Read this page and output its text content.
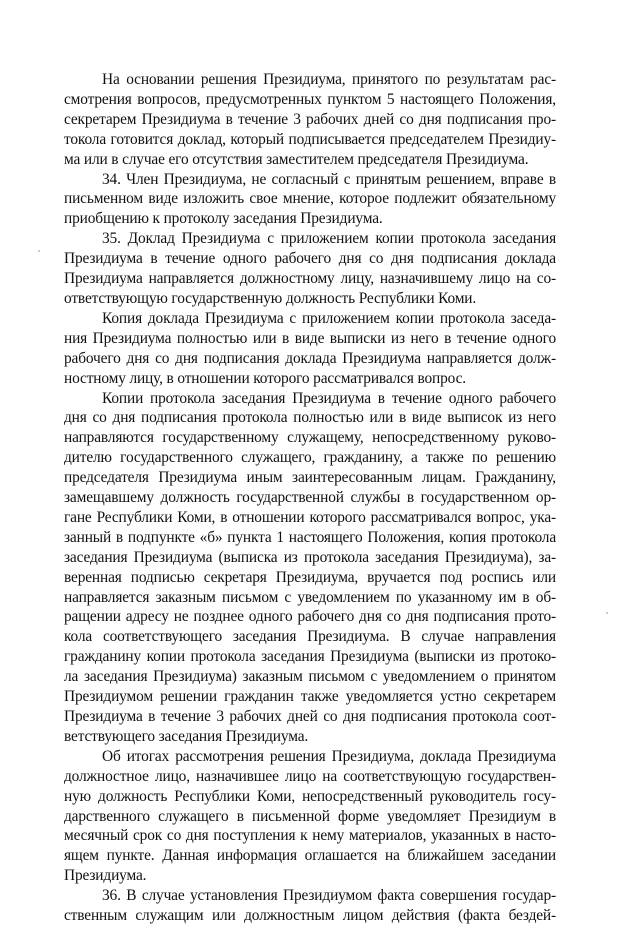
На основании решения Президиума, принятого по результатам рас-
смотрения вопросов, предусмотренных пунктом 5 настоящего Положения,
секретарем Президиума в течение 3 рабочих дней со дня подписания про-
токола готовится доклад, который подписывается председателем Президиу-
ма или в случае его отсутствия заместителем председателя Президиума.
34. Член Президиума, не согласный с принятым решением, вправе в
письменном виде изложить свое мнение, которое подлежит обязательному
приобщению к протоколу заседания Президиума.
35. Доклад Президиума с приложением копии протокола заседания
Президиума в течение одного рабочего дня со дня подписания доклада
Президиума направляется должностному лицу, назначившему лицо на со-
ответствующую государственную должность Республики Коми.
Копия доклада Президиума с приложением копии протокола заседа-
ния Президиума полностью или в виде выписки из него в течение одного
рабочего дня со дня подписания доклада Президиума направляется долж-
ностному лицу, в отношении которого рассматривался вопрос.
Копии протокола заседания Президиума в течение одного рабочего
дня со дня подписания протокола полностью или в виде выписок из него
направляются государственному служащему, непосредственному руково-
дителю государственного служащего, гражданину, а также по решению
председателя Президиума иным заинтересованным лицам. Гражданину,
замещавшему должность государственной службы в государственном ор-
гане Республики Коми, в отношении которого рассматривался вопрос, ука-
занный в подпункте «б» пункта 1 настоящего Положения, копия протокола
заседания Президиума (выписка из протокола заседания Президиума), за-
веренная подписью секретаря Президиума, вручается под роспись или
направляется заказным письмом с уведомлением по указанному им в об-
ращении адресу не позднее одного рабочего дня со дня подписания прото-
кола соответствующего заседания Президиума. В случае направления
гражданину копии протокола заседания Президиума (выписки из протоко-
ла заседания Президиума) заказным письмом с уведомлением о принятом
Президиумом решении гражданин также уведомляется устно секретарем
Президиума в течение 3 рабочих дней со дня подписания протокола соот-
ветствующего заседания Президиума.
Об итогах рассмотрения решения Президиума, доклада Президиума
должностное лицо, назначившее лицо на соответствующую государствен-
ную должность Республики Коми, непосредственный руководитель госу-
дарственного служащего в письменной форме уведомляет Президиум в
месячный срок со дня поступления к нему материалов, указанных в насто-
ящем пункте. Данная информация оглашается на ближайшем заседании
Президиума.
36. В случае установления Президиумом факта совершения госудаp-
ственным служащим или должностным лицом действия (факта бездей-
